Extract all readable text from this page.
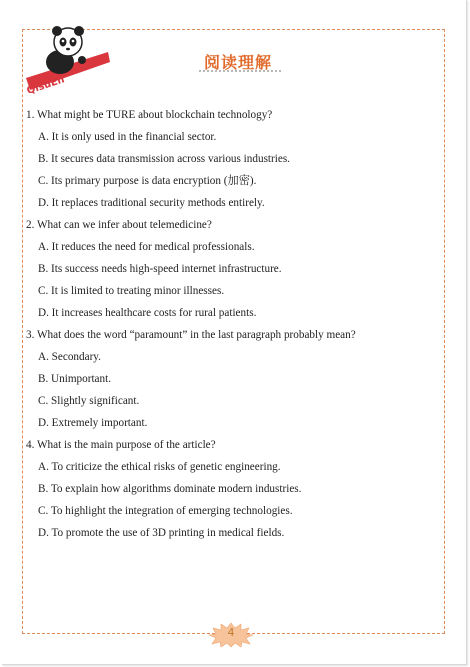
QisuEn
阅读理解

1. What might be TURE about blockchain technology?

A. It is only used in the financial sector.

B. It secures data transmission across various industries.

C. Its primary purpose is data encryption (加密).

D. It replaces traditional security methods entirely.

2. What can we infer about telemedicine?

A. It reduces the need for medical professionals.

B. Its success needs high-speed internet infrastructure.

C. It is limited to treating minor illnesses.

D. It increases healthcare costs for rural patients.

3. What does the word “paramount” in the last paragraph probably mean?

A. Secondary.

B. Unimportant.

C. Slightly significant.

D. Extremely important.

4. What is the main purpose of the article?

A. To criticize the ethical risks of genetic engineering.

B. To explain how algorithms dominate modern industries.

C. To highlight the integration of emerging technologies.

D. To promote the use of 3D printing in medical fields.

4
